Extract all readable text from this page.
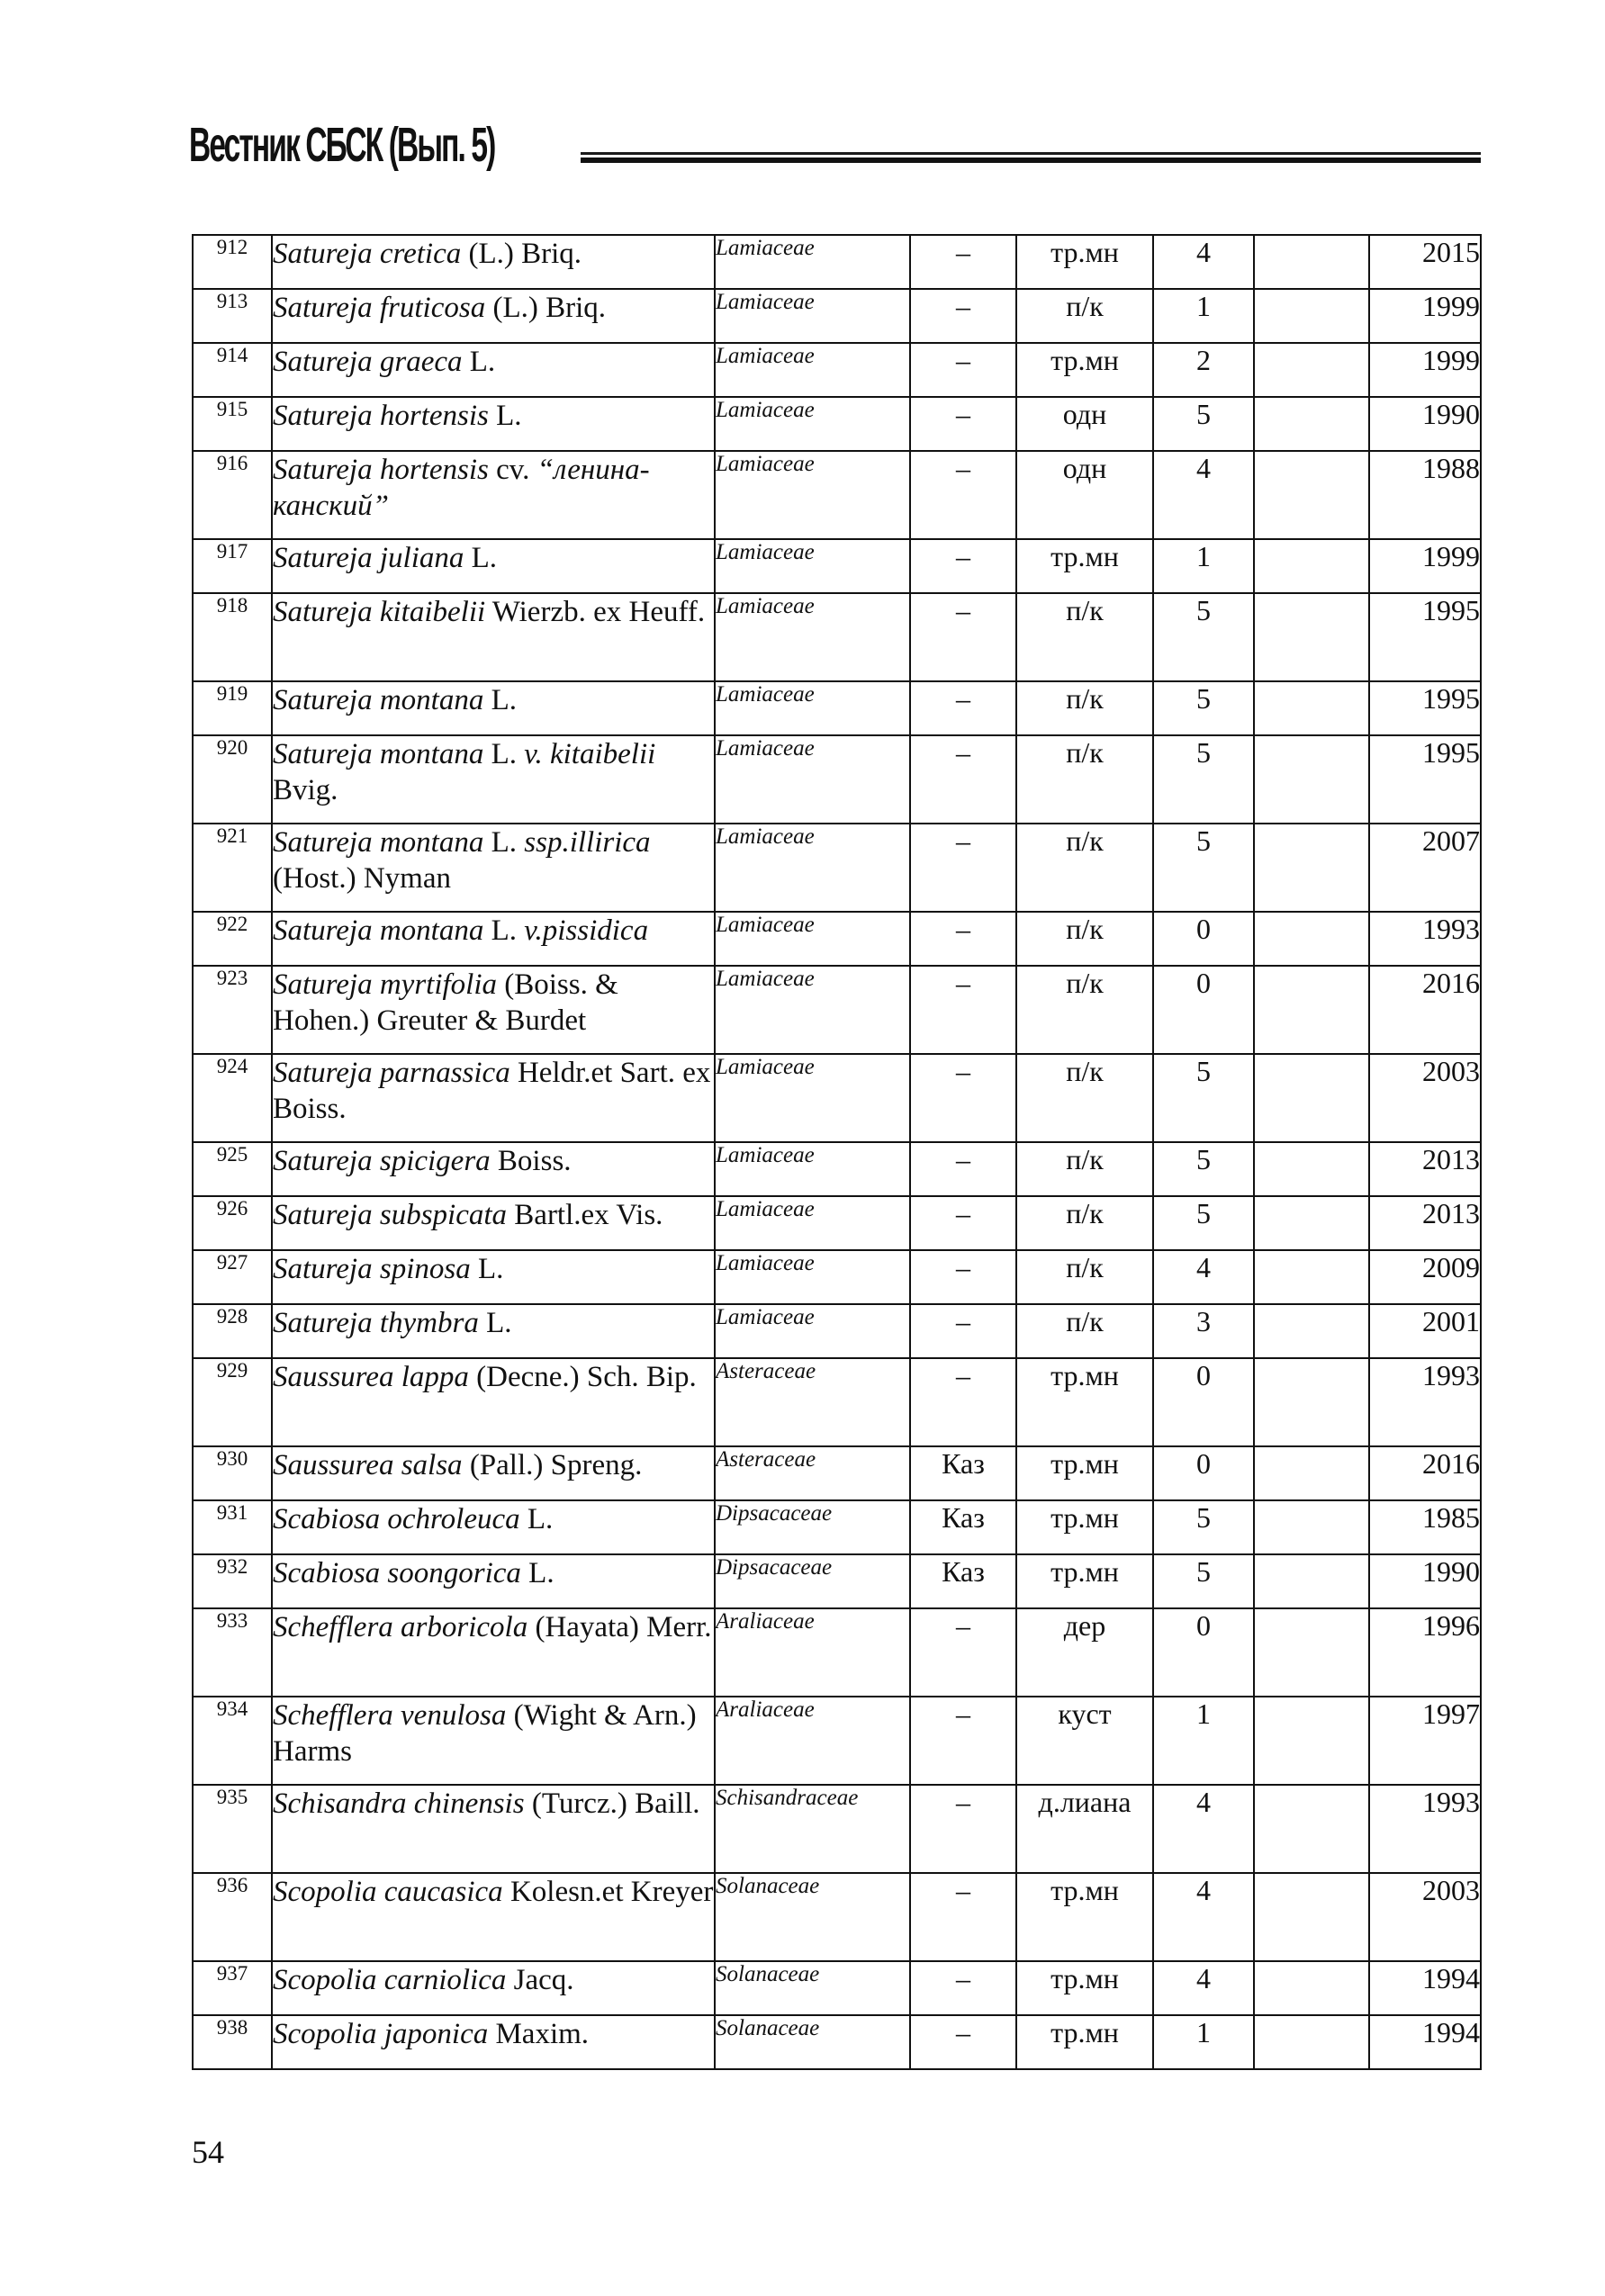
Вестник СБСК (Вып. 5)
912	Satureja cretica (L.) Briq.	Lamiaceae	–	тр.мн	4		2015
913	Satureja fruticosa (L.) Briq.	Lamiaceae	–	п/к	1		1999
914	Satureja graeca L.	Lamiaceae	–	тр.мн	2		1999
915	Satureja hortensis L.	Lamiaceae	–	одн	5		1990
916	Satureja hortensis cv. “ленина-канский”	Lamiaceae	–	одн	4		1988
917	Satureja juliana L.	Lamiaceae	–	тр.мн	1		1999
918	Satureja kitaibelii Wierzb. ex Heuff.	Lamiaceae	–	п/к	5		1995
919	Satureja montana L.	Lamiaceae	–	п/к	5		1995
920	Satureja montana L. v. kitaibelii Bvig.	Lamiaceae	–	п/к	5		1995
921	Satureja montana L. ssp.illirica (Host.) Nyman	Lamiaceae	–	п/к	5		2007
922	Satureja montana L. v.pissidica	Lamiaceae	–	п/к	0		1993
923	Satureja myrtifolia (Boiss. & Hohen.) Greuter & Burdet	Lamiaceae	–	п/к	0		2016
924	Satureja parnassica Heldr.et Sart. ex Boiss.	Lamiaceae	–	п/к	5		2003
925	Satureja spicigera Boiss.	Lamiaceae	–	п/к	5		2013
926	Satureja subspicata Bartl.ex Vis.	Lamiaceae	–	п/к	5		2013
927	Satureja spinosa L.	Lamiaceae	–	п/к	4		2009
928	Satureja thymbra L.	Lamiaceae	–	п/к	3		2001
929	Saussurea lappa (Decne.) Sch. Bip.	Asteraceae	–	тр.мн	0		1993
930	Saussurea salsa (Pall.) Spreng.	Asteraceae	Каз	тр.мн	0		2016
931	Scabiosa ochroleuca L.	Dipsacaceae	Каз	тр.мн	5		1985
932	Scabiosa soongorica L.	Dipsacaceae	Каз	тр.мн	5		1990
933	Schefflera arboricola (Hayata) Merr.	Araliaceae	–	дер	0		1996
934	Schefflera venulosa (Wight & Arn.) Harms	Araliaceae	–	куст	1		1997
935	Schisandra chinensis (Turcz.) Baill.	Schisandraceae	–	д.лиана	4		1993
936	Scopolia caucasica Kolesn.et Kreyer	Solanaceae	–	тр.мн	4		2003
937	Scopolia carniolica Jacq.	Solanaceae	–	тр.мн	4		1994
938	Scopolia japonica Maxim.	Solanaceae	–	тр.мн	1		1994
54
